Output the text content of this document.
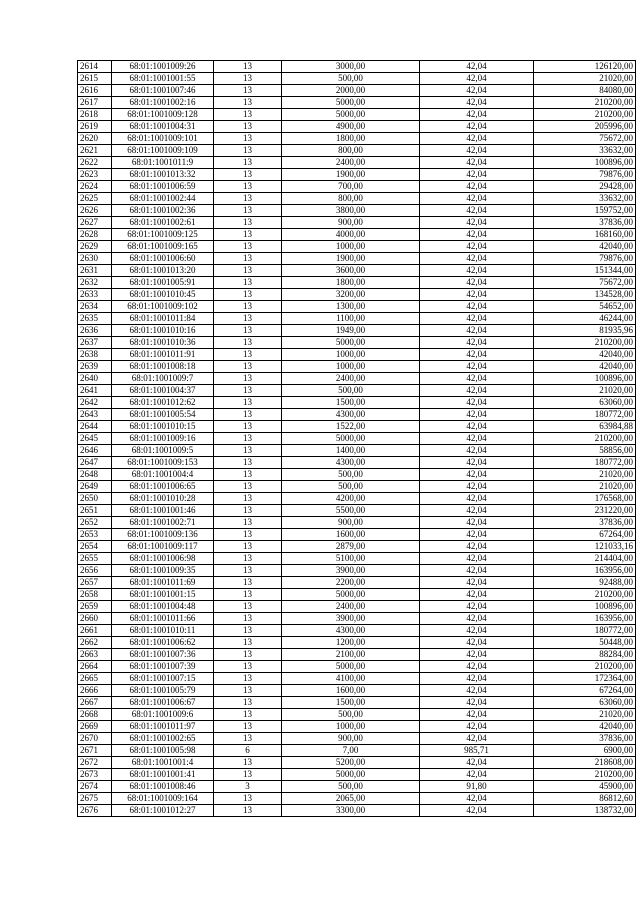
2614	68:01:1001009:26	13	3000,00	42,04	126120,00
2615	68:01:1001001:55	13	500,00	42,04	21020,00
2616	68:01:1001007:46	13	2000,00	42,04	84080,00
2617	68:01:1001002:16	13	5000,00	42,04	210200,00
2618	68:01:1001009:128	13	5000,00	42,04	210200,00
2619	68:01:1001004:31	13	4900,00	42,04	205996,00
2620	68:01:1001009:101	13	1800,00	42,04	75672,00
2621	68:01:1001009:109	13	800,00	42,04	33632,00
2622	68:01:1001011:9	13	2400,00	42,04	100896,00
2623	68:01:1001013:32	13	1900,00	42,04	79876,00
2624	68:01:1001006:59	13	700,00	42,04	29428,00
2625	68:01:1001002:44	13	800,00	42,04	33632,00
2626	68:01:1001002:36	13	3800,00	42,04	159752,00
2627	68:01:1001002:61	13	900,00	42,04	37836,00
2628	68:01:1001009:125	13	4000,00	42,04	168160,00
2629	68:01:1001009:165	13	1000,00	42,04	42040,00
2630	68:01:1001006:60	13	1900,00	42,04	79876,00
2631	68:01:1001013:20	13	3600,00	42,04	151344,00
2632	68:01:1001005:91	13	1800,00	42,04	75672,00
2633	68:01:1001010:45	13	3200,00	42,04	134528,00
2634	68:01:1001009:102	13	1300,00	42,04	54652,00
2635	68:01:1001011:84	13	1100,00	42,04	46244,00
2636	68:01:1001010:16	13	1949,00	42,04	81935,96
2637	68:01:1001010:36	13	5000,00	42,04	210200,00
2638	68:01:1001011:91	13	1000,00	42,04	42040,00
2639	68:01:1001008:18	13	1000,00	42,04	42040,00
2640	68:01:1001009:7	13	2400,00	42,04	100896,00
2641	68:01:1001004:37	13	500,00	42,04	21020,00
2642	68:01:1001012:62	13	1500,00	42,04	63060,00
2643	68:01:1001005:54	13	4300,00	42,04	180772,00
2644	68:01:1001010:15	13	1522,00	42,04	63984,88
2645	68:01:1001009:16	13	5000,00	42,04	210200,00
2646	68:01:1001009:5	13	1400,00	42,04	58856,00
2647	68:01:1001009:153	13	4300,00	42,04	180772,00
2648	68:01:1001004:4	13	500,00	42,04	21020,00
2649	68:01:1001006:65	13	500,00	42,04	21020,00
2650	68:01:1001010:28	13	4200,00	42,04	176568,00
2651	68:01:1001001:46	13	5500,00	42,04	231220,00
2652	68:01:1001002:71	13	900,00	42,04	37836,00
2653	68:01:1001009:136	13	1600,00	42,04	67264,00
2654	68:01:1001009:117	13	2879,00	42,04	121033,16
2655	68:01:1001006:98	13	5100,00	42,04	214404,00
2656	68:01:1001009:35	13	3900,00	42,04	163956,00
2657	68:01:1001011:69	13	2200,00	42,04	92488,00
2658	68:01:1001001:15	13	5000,00	42,04	210200,00
2659	68:01:1001004:48	13	2400,00	42,04	100896,00
2660	68:01:1001011:66	13	3900,00	42,04	163956,00
2661	68:01:1001010:11	13	4300,00	42,04	180772,00
2662	68:01:1001006:62	13	1200,00	42,04	50448,00
2663	68:01:1001007:36	13	2100,00	42,04	88284,00
2664	68:01:1001007:39	13	5000,00	42,04	210200,00
2665	68:01:1001007:15	13	4100,00	42,04	172364,00
2666	68:01:1001005:79	13	1600,00	42,04	67264,00
2667	68:01:1001006:67	13	1500,00	42,04	63060,00
2668	68:01:1001009:6	13	500,00	42,04	21020,00
2669	68:01:1001011:97	13	1000,00	42,04	42040,00
2670	68:01:1001002:65	13	900,00	42,04	37836,00
2671	68:01:1001005:98	6	7,00	985,71	6900,00
2672	68:01:1001001:4	13	5200,00	42,04	218608,00
2673	68:01:1001001:41	13	5000,00	42,04	210200,00
2674	68:01:1001008:46	3	500,00	91,80	45900,00
2675	68:01:1001009:164	13	2065,00	42,04	86812,60
2676	68:01:1001012:27	13	3300,00	42,04	138732,00
